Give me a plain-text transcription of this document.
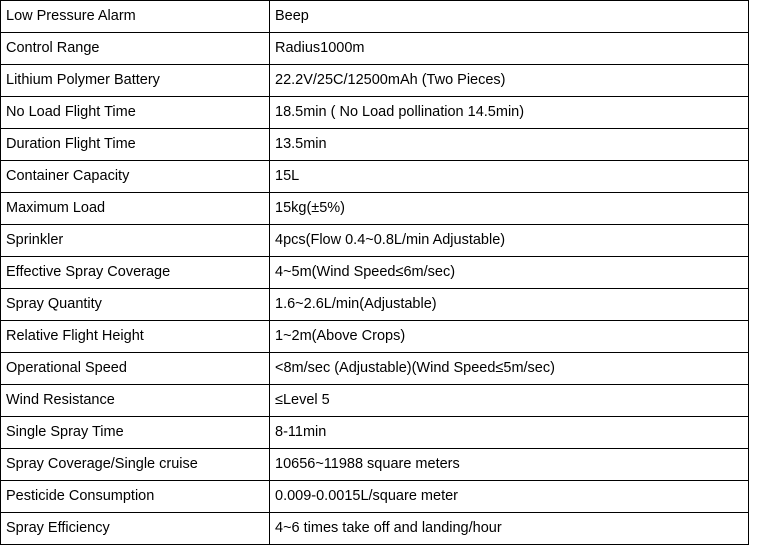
Low Pressure Alarm	Beep
Control Range	Radius1000m
Lithium Polymer Battery	22.2V/25C/12500mAh (Two Pieces)
No Load Flight Time	18.5min ( No Load pollination 14.5min)
Duration Flight Time	13.5min
Container Capacity	15L
Maximum Load	15kg(±5%)
Sprinkler	4pcs(Flow 0.4~0.8L/min Adjustable)
Effective Spray Coverage	4~5m(Wind Speed≤6m/sec)
Spray Quantity	1.6~2.6L/min(Adjustable)
Relative Flight Height	1~2m(Above Crops)
Operational Speed	<8m/sec (Adjustable)(Wind Speed≤5m/sec)
Wind Resistance	≤Level 5
Single Spray Time	8-11min
Spray Coverage/Single cruise	10656~11988 square meters
Pesticide Consumption	0.009-0.0015L/square meter
Spray Efficiency	4~6 times take off and landing/hour
